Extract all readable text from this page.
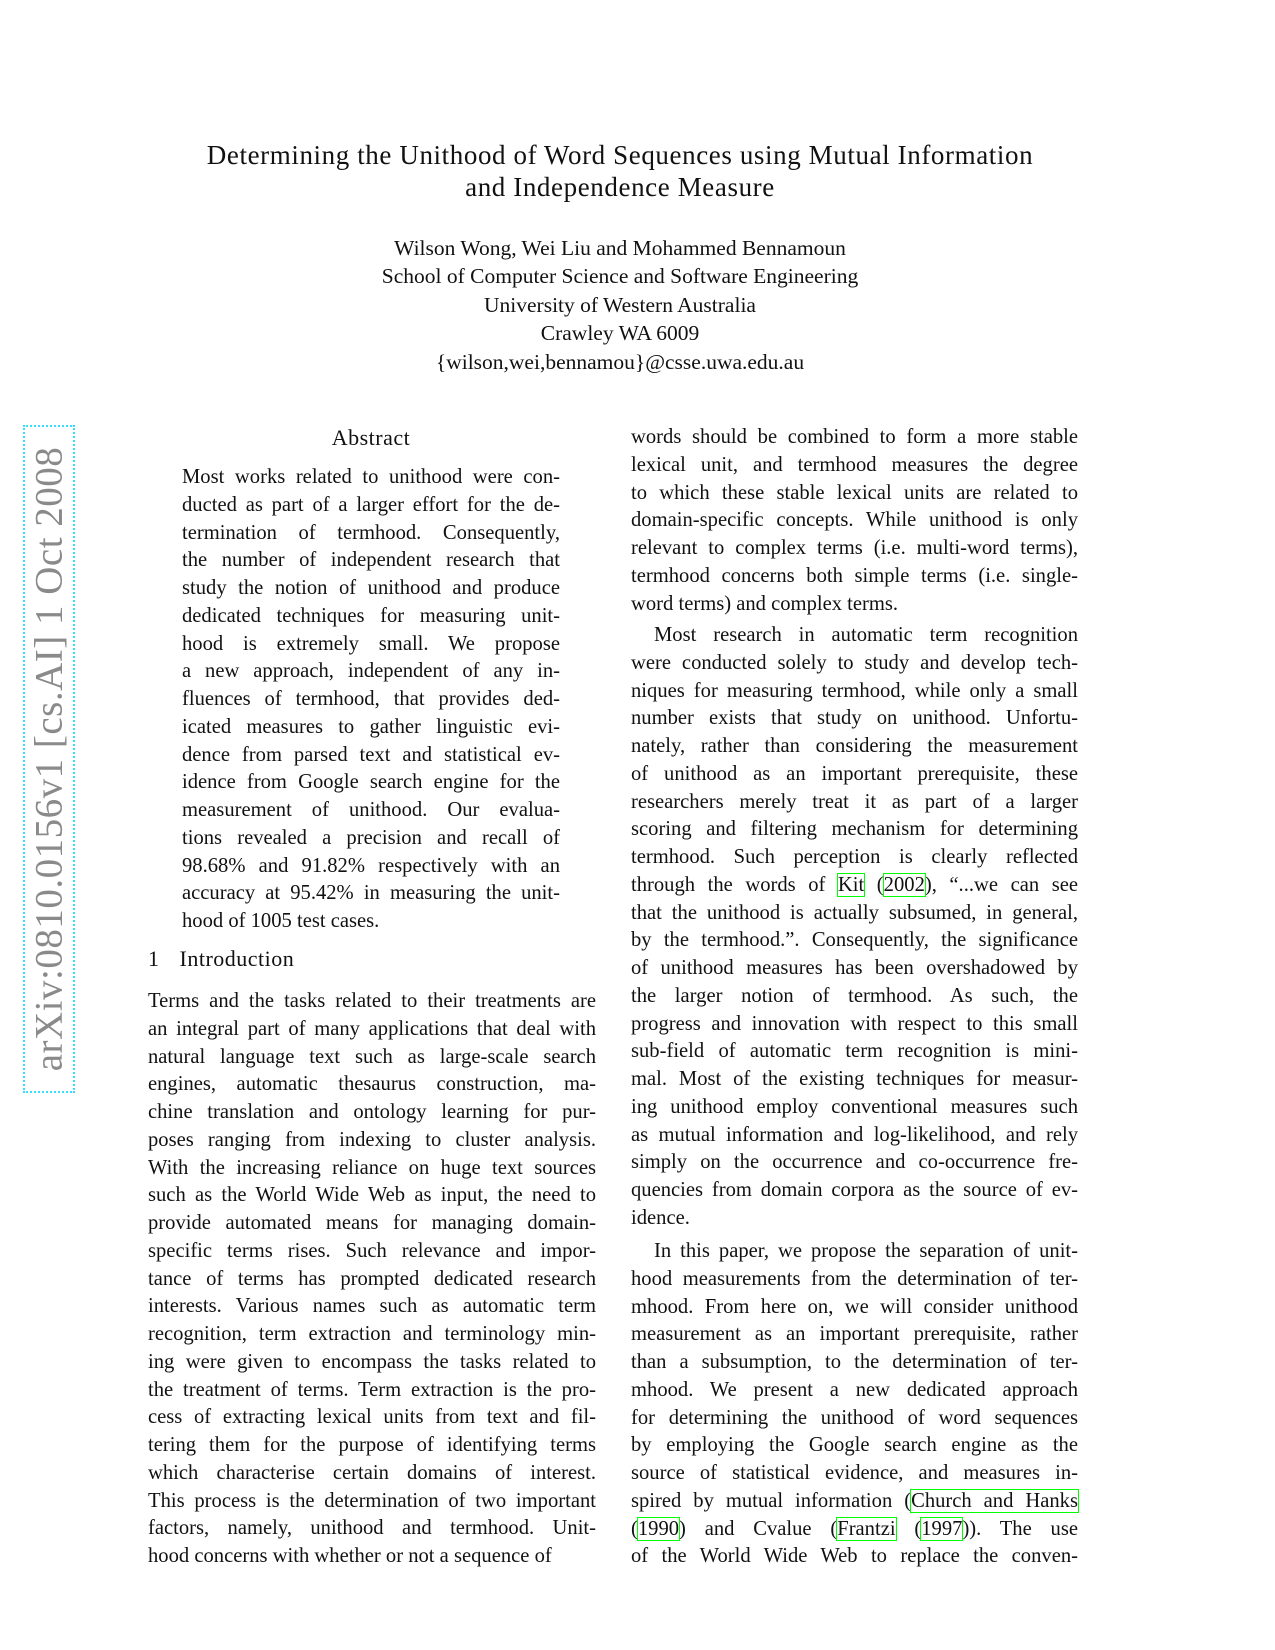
arXiv:0810.0156v1 [cs.AI] 1 Oct 2008
Determining the Unithood of Word Sequences using Mutual Information
and Independence Measure
Wilson Wong, Wei Liu and Mohammed Bennamoun
School of Computer Science and Software Engineering
University of Western Australia
Crawley WA 6009
{wilson,wei,bennamou}@csse.uwa.edu.au
Abstract
Most works related to unithood were con-
ducted as part of a larger effort for the de-
termination of termhood. Consequently,
the number of independent research that
study the notion of unithood and produce
dedicated techniques for measuring unit-
hood is extremely small. We propose
a new approach, independent of any in-
fluences of termhood, that provides ded-
icated measures to gather linguistic evi-
dence from parsed text and statistical ev-
idence from Google search engine for the
measurement of unithood. Our evalua-
tions revealed a precision and recall of
98.68% and 91.82% respectively with an
accuracy at 95.42% in measuring the unit-
hood of 1005 test cases.
1 Introduction
Terms and the tasks related to their treatments are
an integral part of many applications that deal with
natural language text such as large-scale search
engines, automatic thesaurus construction, ma-
chine translation and ontology learning for pur-
poses ranging from indexing to cluster analysis.
With the increasing reliance on huge text sources
such as the World Wide Web as input, the need to
provide automated means for managing domain-
specific terms rises. Such relevance and impor-
tance of terms has prompted dedicated research
interests. Various names such as automatic term
recognition, term extraction and terminology min-
ing were given to encompass the tasks related to
the treatment of terms. Term extraction is the pro-
cess of extracting lexical units from text and fil-
tering them for the purpose of identifying terms
which characterise certain domains of interest.
This process is the determination of two important
factors, namely, unithood and termhood. Unit-
hood concerns with whether or not a sequence of
words should be combined to form a more stable
lexical unit, and termhood measures the degree
to which these stable lexical units are related to
domain-specific concepts. While unithood is only
relevant to complex terms (i.e. multi-word terms),
termhood concerns both simple terms (i.e. single-
word terms) and complex terms.
Most research in automatic term recognition
were conducted solely to study and develop tech-
niques for measuring termhood, while only a small
number exists that study on unithood. Unfortu-
nately, rather than considering the measurement
of unithood as an important prerequisite, these
researchers merely treat it as part of a larger
scoring and filtering mechanism for determining
termhood. Such perception is clearly reflected
through the words of Kit (2002), “...we can see
that the unithood is actually subsumed, in general,
by the termhood.”. Consequently, the significance
of unithood measures has been overshadowed by
the larger notion of termhood. As such, the
progress and innovation with respect to this small
sub-field of automatic term recognition is mini-
mal. Most of the existing techniques for measur-
ing unithood employ conventional measures such
as mutual information and log-likelihood, and rely
simply on the occurrence and co-occurrence fre-
quencies from domain corpora as the source of ev-
idence.
In this paper, we propose the separation of unit-
hood measurements from the determination of ter-
mhood. From here on, we will consider unithood
measurement as an important prerequisite, rather
than a subsumption, to the determination of ter-
mhood. We present a new dedicated approach
for determining the unithood of word sequences
by employing the Google search engine as the
source of statistical evidence, and measures in-
spired by mutual information (Church and Hanks
(1990) and Cvalue (Frantzi (1997)). The use
of the World Wide Web to replace the conven-
